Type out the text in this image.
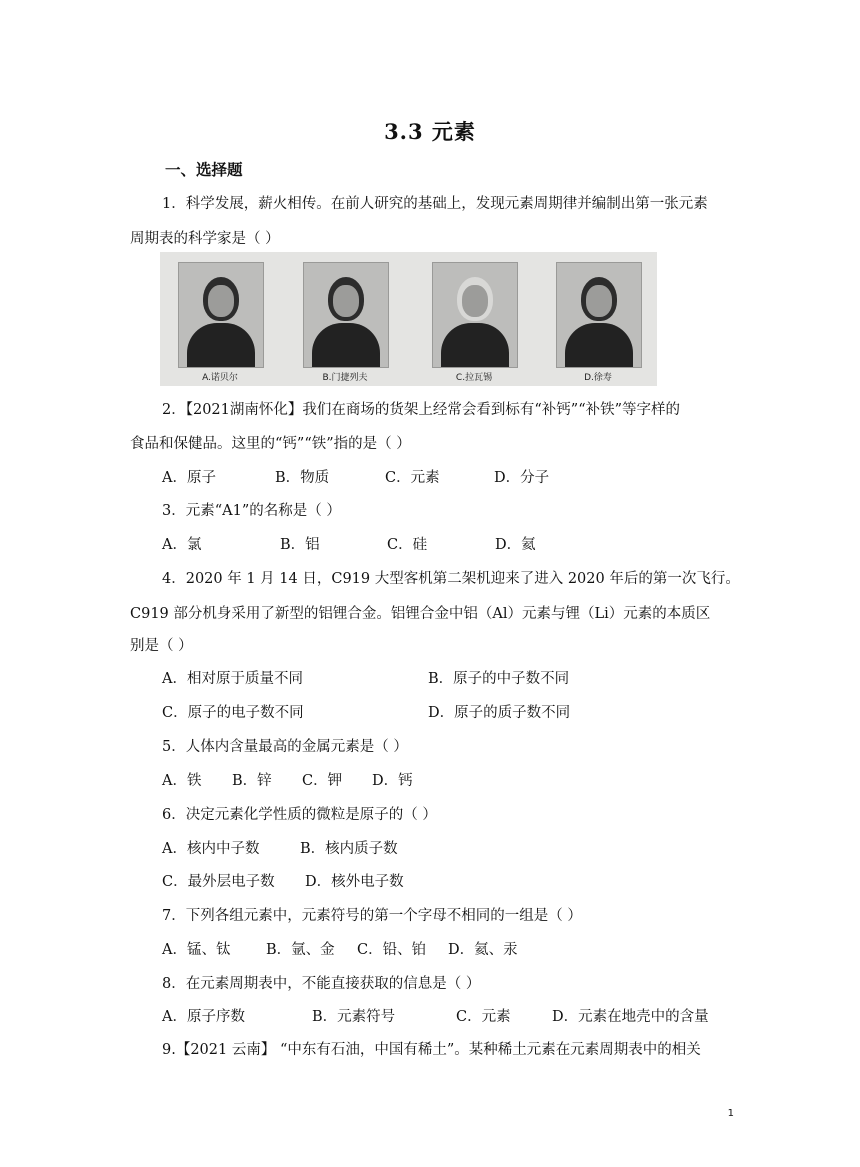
3.3 元素
一、选择题
1．科学发展，薪火相传。在前人研究的基础上，发现元素周期律并编制出第一张元素
周期表的科学家是（ ）
A.诺贝尔	B.门捷列夫	C.拉瓦锡	D.徐寿
2．【2021湖南怀化】我们在商场的货架上经常会看到标有“补钙”“补铁”等字样的
食品和保健品。这里的“钙”“铁”指的是（ ）
A．原子	B．物质	C．元素	D．分子
3．元素“A1”的名称是（ ）
A．氯	B．铝	C．硅	D．氦
4．2020 年 1 月 14 日，C919 大型客机第二架机迎来了进入 2020 年后的第一次飞行。
C919 部分机身采用了新型的铝锂合金。铝锂合金中铝（Al）元素与锂（Li）元素的本质区
别是（ ）
A．相对原于质量不同	B．原子的中子数不同
C．原子的电子数不同	D．原子的质子数不同
5．人体内含量最高的金属元素是（ ）
A．铁 B．锌 C．钾 D．钙
6．决定元素化学性质的微粒是原子的（ ）
A．核内中子数	B．核内质子数
C．最外层电子数 D．核外电子数
7．下列各组元素中，元素符号的第一个字母不相同的一组是（ ）
A．锰、钛 B．氩、金 C．铅、铂 D．氦、汞
8．在元素周期表中，不能直接获取的信息是（ ）
A．原子序数	B．元素符号	C．元素	D．元素在地壳中的含量
9.【2021 云南】 “中东有石油，中国有稀土”。某种稀土元素在元素周期表中的相关
1
